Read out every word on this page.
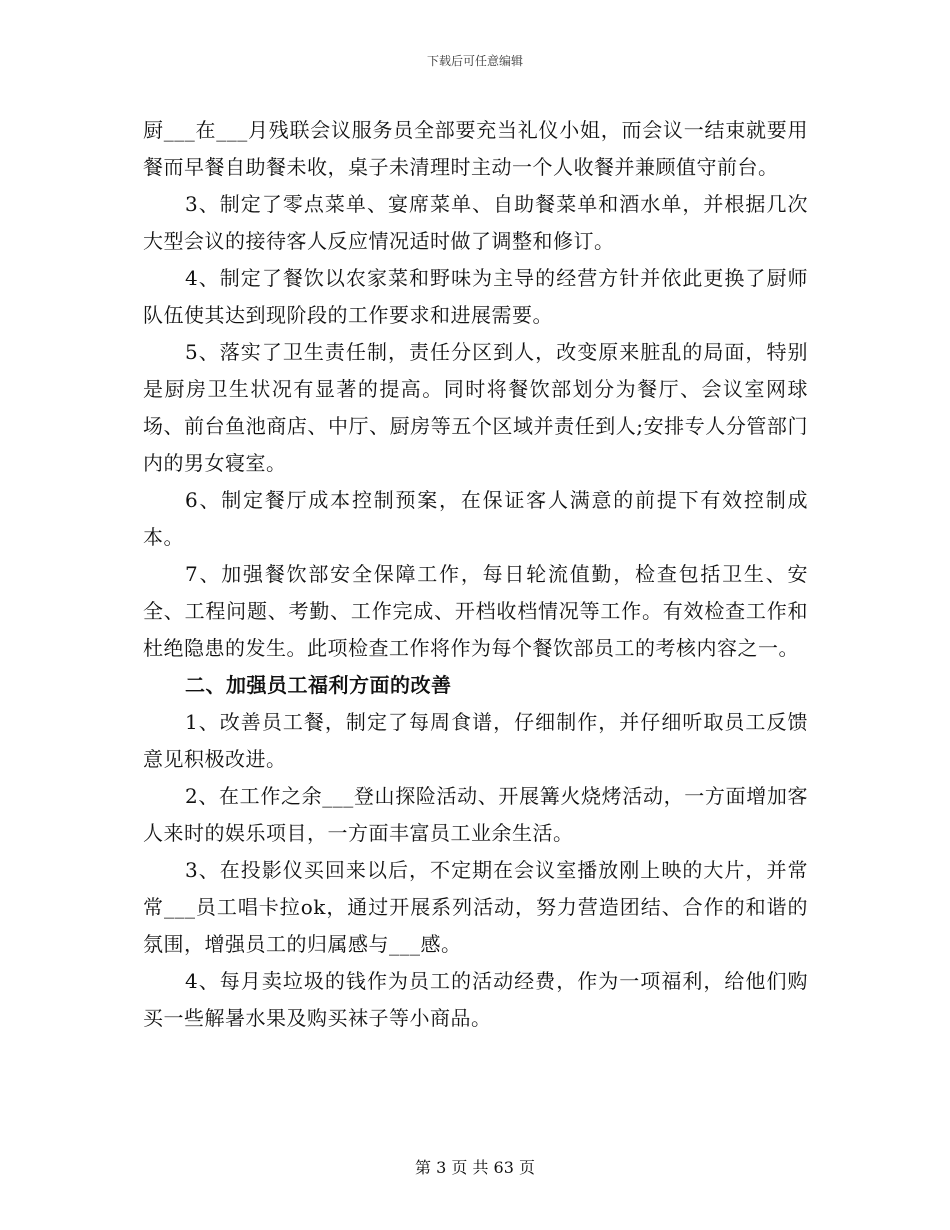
下载后可任意编辑

厨___在___月残联会议服务员全部要充当礼仪小姐，而会议一结束就要用餐而早餐自助餐未收，桌子未清理时主动一个人收餐并兼顾值守前台。

3、制定了零点菜单、宴席菜单、自助餐菜单和酒水单，并根据几次大型会议的接待客人反应情况适时做了调整和修订。

4、制定了餐饮以农家菜和野味为主导的经营方针并依此更换了厨师队伍使其达到现阶段的工作要求和进展需要。

5、落实了卫生责任制，责任分区到人，改变原来脏乱的局面，特别是厨房卫生状况有显著的提高。同时将餐饮部划分为餐厅、会议室网球场、前台鱼池商店、中厅、厨房等五个区域并责任到人;安排专人分管部门内的男女寝室。

6、制定餐厅成本控制预案，在保证客人满意的前提下有效控制成本。

7、加强餐饮部安全保障工作，每日轮流值勤，检查包括卫生、安全、工程问题、考勤、工作完成、开档收档情况等工作。有效检查工作和杜绝隐患的发生。此项检查工作将作为每个餐饮部员工的考核内容之一。

二、加强员工福利方面的改善

1、改善员工餐，制定了每周食谱，仔细制作，并仔细听取员工反馈意见积极改进。

2、在工作之余___登山探险活动、开展篝火烧烤活动，一方面增加客人来时的娱乐项目，一方面丰富员工业余生活。

3、在投影仪买回来以后，不定期在会议室播放刚上映的大片，并常常___员工唱卡拉ok，通过开展系列活动，努力营造团结、合作的和谐的氛围，增强员工的归属感与___感。

4、每月卖垃圾的钱作为员工的活动经费，作为一项福利，给他们购买一些解暑水果及购买袜子等小商品。

第 3 页 共 63 页
